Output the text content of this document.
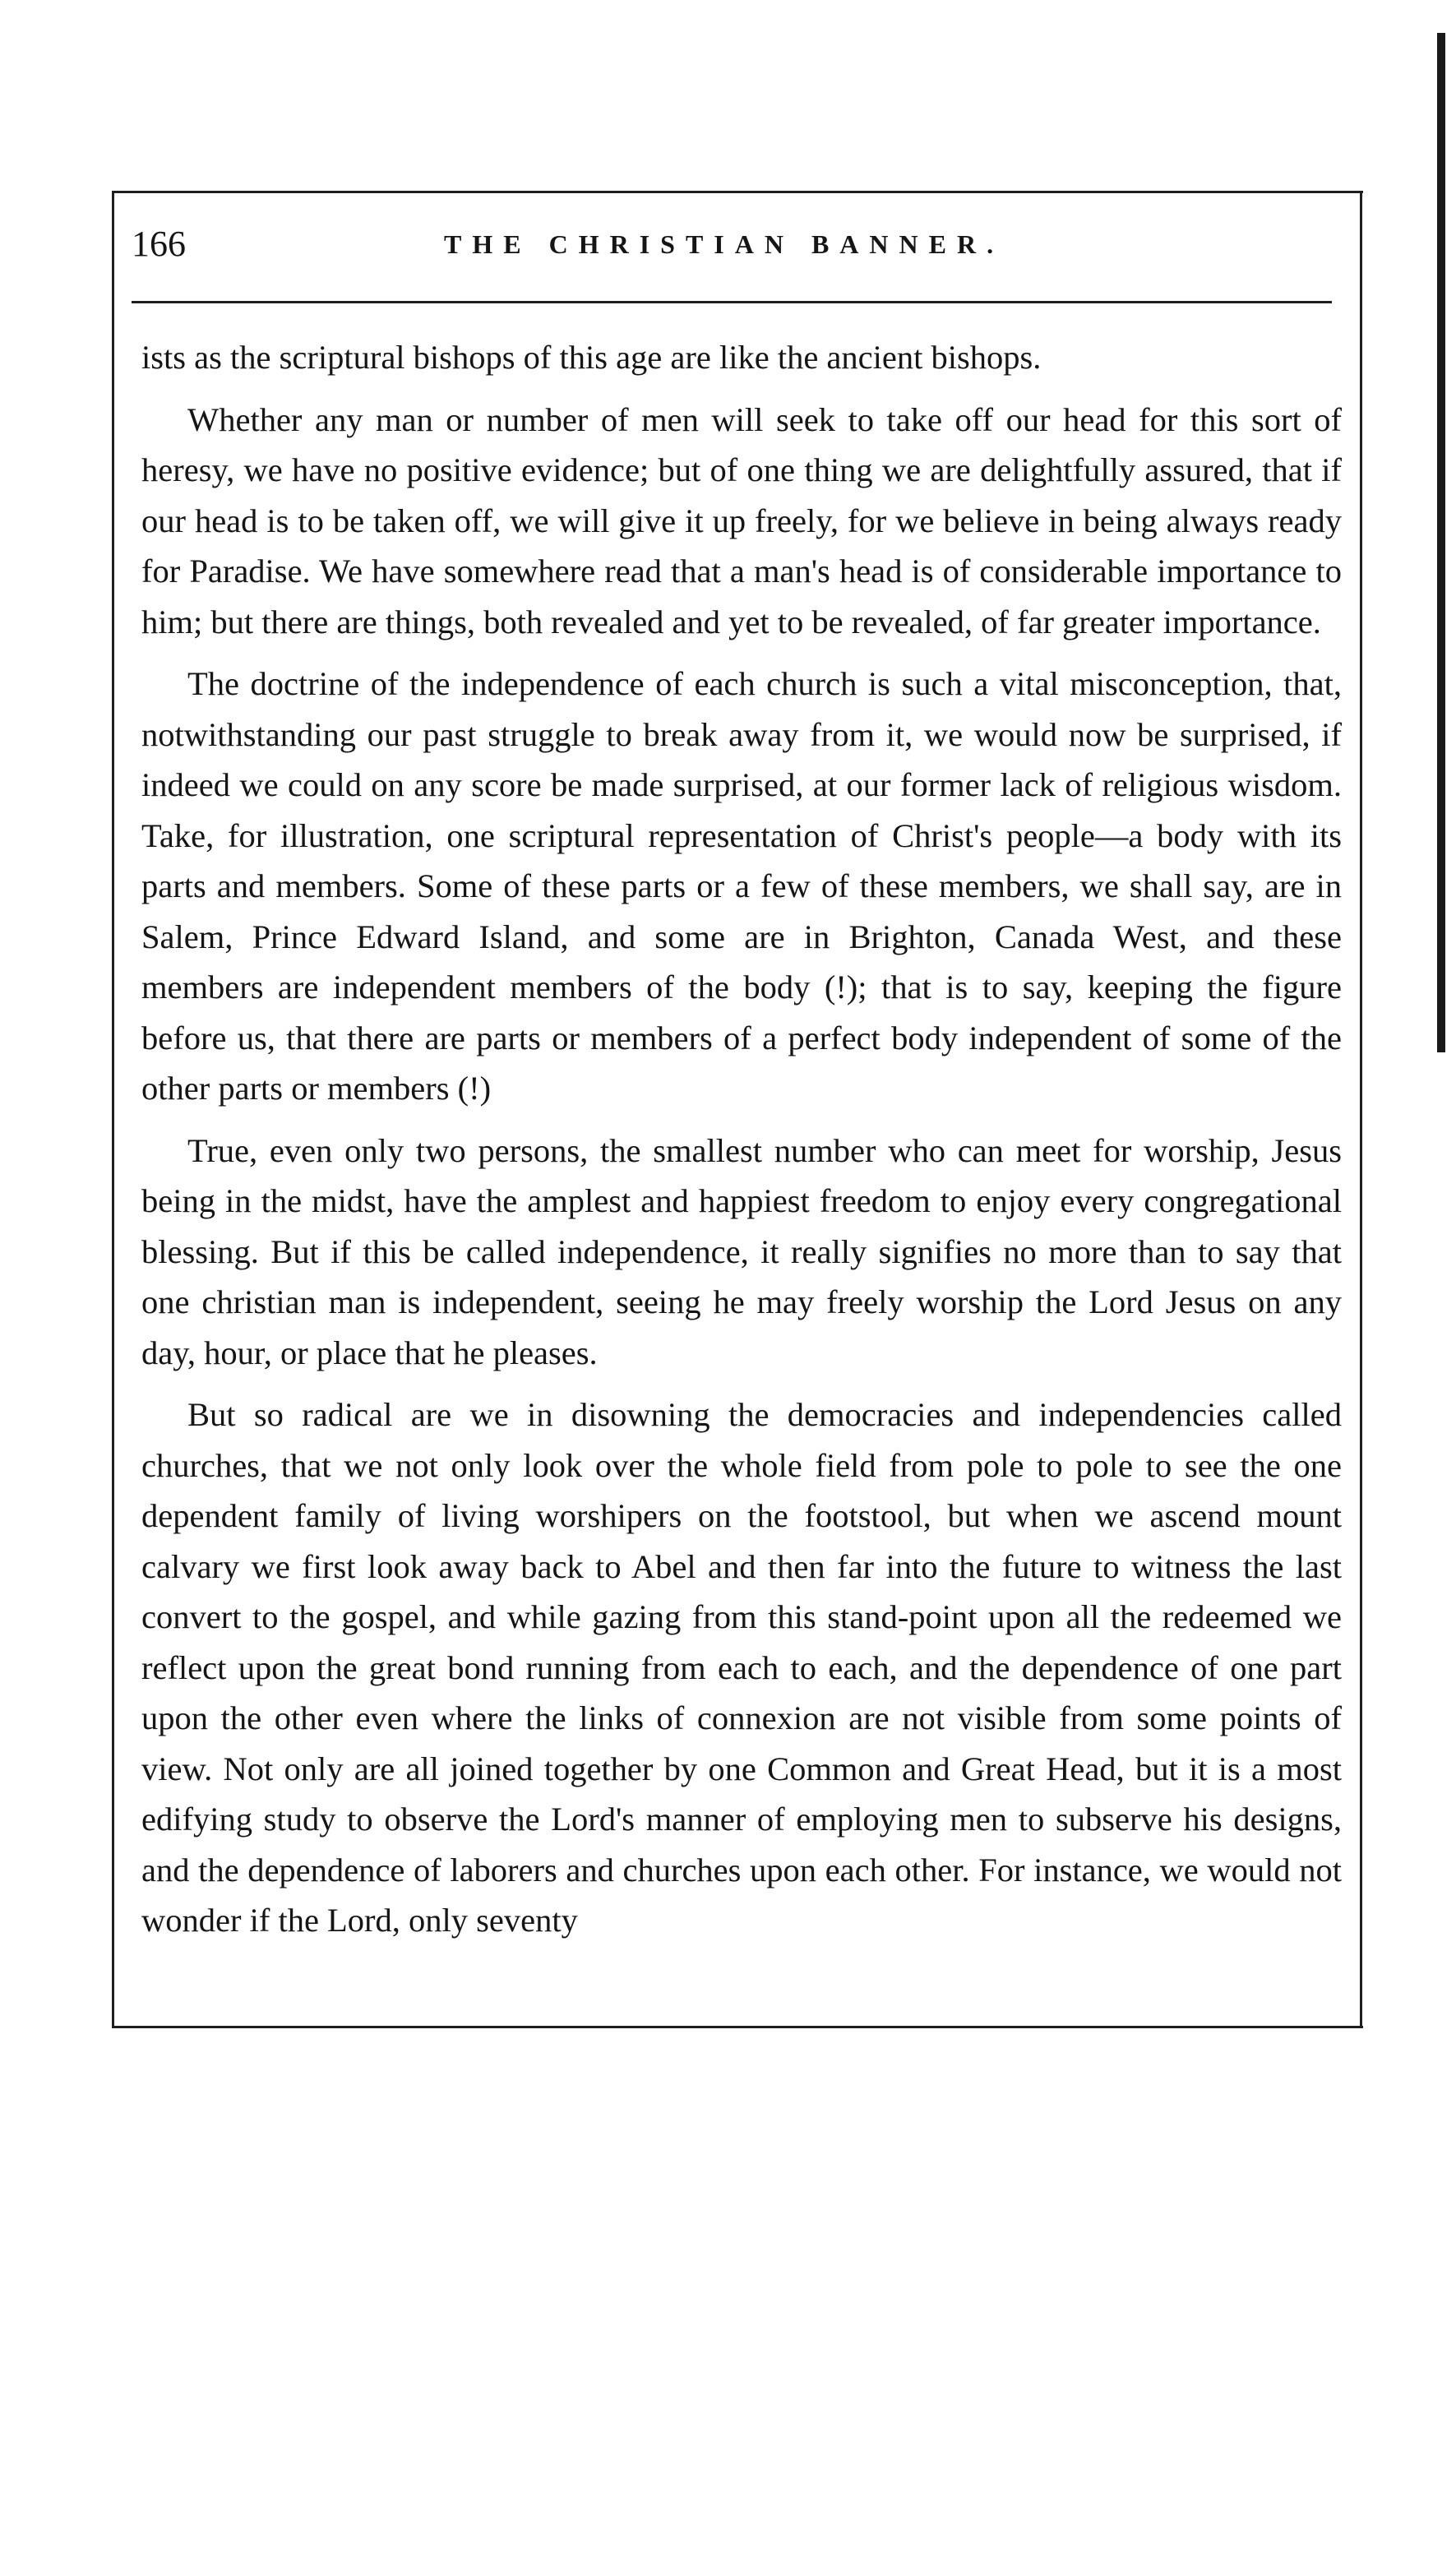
166	THE CHRISTIAN BANNER.

ists as the scriptural bishops of this age are like the ancient bishops.

Whether any man or number of men will seek to take off our head for this sort of heresy, we have no positive evidence; but of one thing we are delightfully assured, that if our head is to be taken off, we will give it up freely, for we believe in being always ready for Paradise. We have somewhere read that a man's head is of considerable importance to him; but there are things, both revealed and yet to be revealed, of far greater importance.

The doctrine of the independence of each church is such a vital misconception, that, notwithstanding our past struggle to break away from it, we would now be surprised, if indeed we could on any score be made surprised, at our former lack of religious wisdom. Take, for illustration, one scriptural representation of Christ's people—a body with its parts and members. Some of these parts or a few of these members, we shall say, are in Salem, Prince Edward Island, and some are in Brighton, Canada West, and these members are independent members of the body (!); that is to say, keeping the figure before us, that there are parts or members of a perfect body independent of some of the other parts or members (!)

True, even only two persons, the smallest number who can meet for worship, Jesus being in the midst, have the amplest and happiest freedom to enjoy every congregational blessing. But if this be called independence, it really signifies no more than to say that one christian man is independent, seeing he may freely worship the Lord Jesus on any day, hour, or place that he pleases.

But so radical are we in disowning the democracies and independencies called churches, that we not only look over the whole field from pole to pole to see the one dependent family of living worshipers on the footstool, but when we ascend mount calvary we first look away back to Abel and then far into the future to witness the last convert to the gospel, and while gazing from this stand-point upon all the redeemed we reflect upon the great bond running from each to each, and the dependence of one part upon the other even where the links of connexion are not visible from some points of view. Not only are all joined together by one Common and Great Head, but it is a most edifying study to observe the Lord's manner of employing men to subserve his designs, and the dependence of laborers and churches upon each other. For instance, we would not wonder if the Lord, only seventy
